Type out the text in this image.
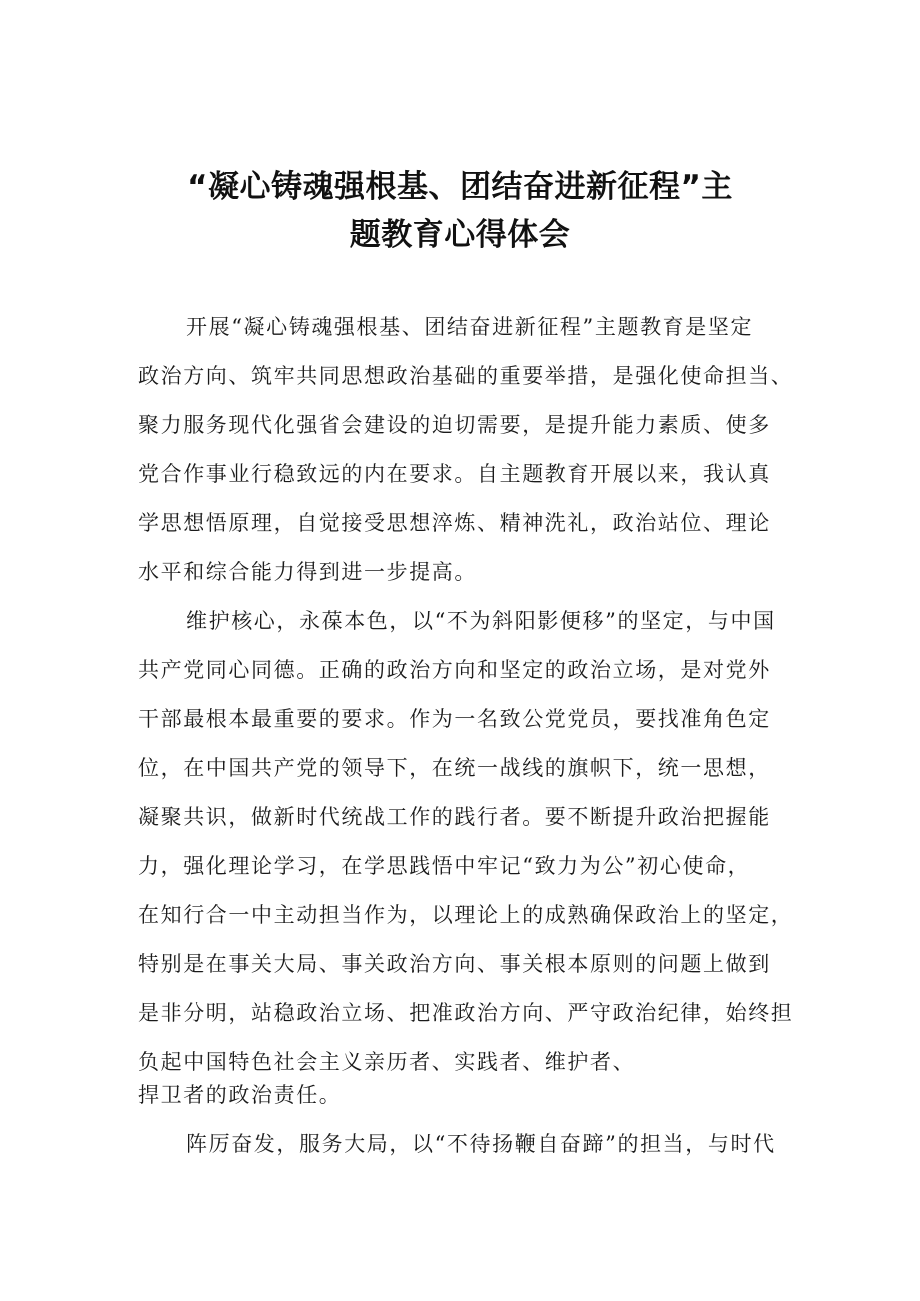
“凝心铸魂强根基、团结奋进新征程”主
题教育心得体会
开展“凝心铸魂强根基、团结奋进新征程”主题教育是坚定
政治方向、筑牢共同思想政治基础的重要举措，是强化使命担当、
聚力服务现代化强省会建设的迫切需要，是提升能力素质、使多
党合作事业行稳致远的内在要求。自主题教育开展以来，我认真
学思想悟原理，自觉接受思想淬炼、精神洗礼，政治站位、理论
水平和综合能力得到进一步提高。
维护核心，永葆本色，以“不为斜阳影便移”的坚定，与中国
共产党同心同德。正确的政治方向和坚定的政治立场，是对党外
干部最根本最重要的要求。作为一名致公党党员，要找准角色定
位，在中国共产党的领导下，在统一战线的旗帜下，统一思想，
凝聚共识，做新时代统战工作的践行者。要不断提升政治把握能
力，强化理论学习，在学思践悟中牢记“致力为公”初心使命，
在知行合一中主动担当作为，以理论上的成熟确保政治上的坚定，
特别是在事关大局、事关政治方向、事关根本原则的问题上做到
是非分明，站稳政治立场、把准政治方向、严守政治纪律，始终担
负起中国特色社会主义亲历者、实践者、维护者、
捍卫者的政治责任。
阵厉奋发，服务大局，以“不待扬鞭自奋蹄”的担当，与时代
